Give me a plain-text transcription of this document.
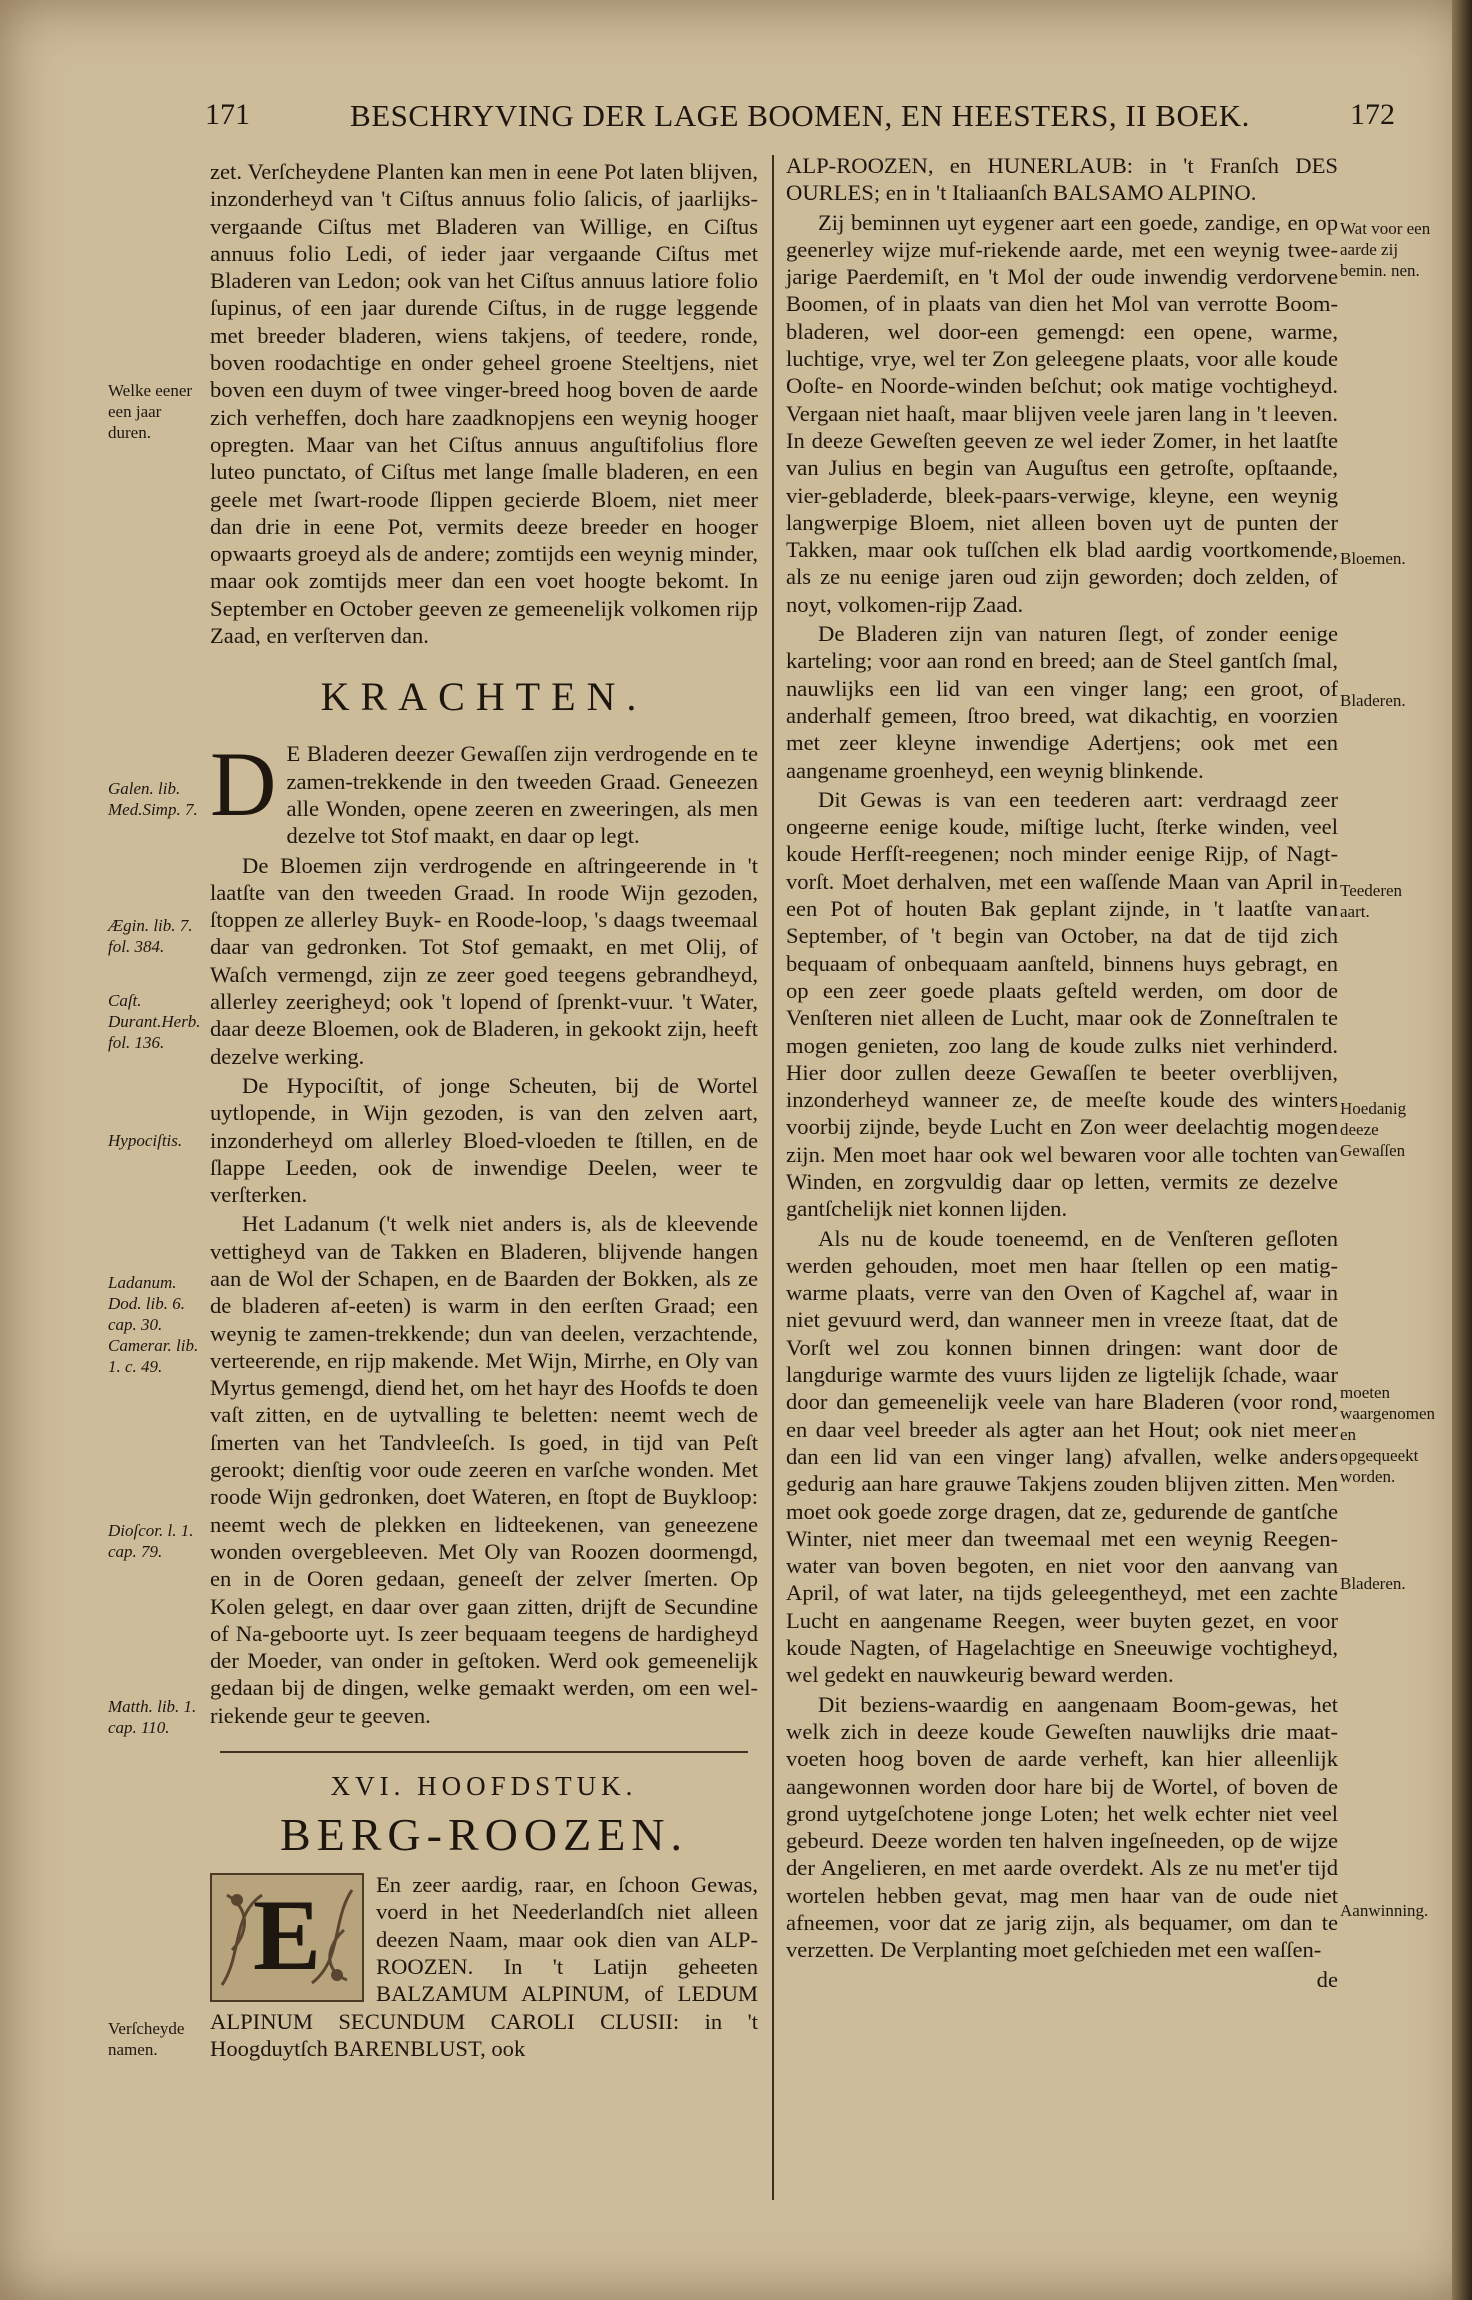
171	BESCHRYVING DER LAGE BOOMEN, EN HEESTERS, II BOEK.	172

zet. Verſcheydene Planten kan men in eene Pot laten blijven, inzonderheyd van 't Ciſtus annuus folio ſalicis, of jaarlijks-vergaande Ciſtus met Bladeren van Willige, en Ciſtus annuus folio Ledi, of ieder jaar vergaande Ciſtus met Bladeren van Ledon; ook van het Ciſtus annuus latiore folio ſupinus, of een jaar durende Ciſtus, in de rugge leggende met breeder bladeren, wiens takjens, of teedere, ronde, boven roodachtige en onder geheel groene Steeltjens, niet boven een duym of twee vinger-breed hoog boven de aarde zich verheffen, doch hare zaadknopjens een weynig hooger opregten. Maar van het Ciſtus annuus anguſtifolius flore luteo punctato, of Ciſtus met lange ſmalle bladeren, en een geele met ſwart-roode ſlippen gecierde Bloem, niet meer dan drie in eene Pot, vermits deeze breeder en hooger opwaarts groeyd als de andere; zomtijds een weynig minder, maar ook zomtijds meer dan een voet hoogte bekomt. In September en October geeven ze gemeenelijk volkomen rijp Zaad, en verſterven dan.

KRACHTEN.
D E Bladeren deezer Gewaſſen zijn verdrogende en te zamen-trekkende in den tweeden Graad. Geneezen alle Wonden, opene zeeren en zweeringen, als men dezelve tot Stof maakt, en daar op legt.

De Bloemen zijn verdrogende en aſtringeerende in 't laatſte van den tweeden Graad. In roode Wijn gezoden, ſtoppen ze allerley Buyk- en Roode-loop, 's daags tweemaal daar van gedronken. Tot Stof gemaakt, en met Olij, of Waſch vermengd, zijn ze zeer goed teegens gebrandheyd, allerley zeerigheyd; ook 't lopend of ſprenkt-vuur. 't Water, daar deeze Bloemen, ook de Bladeren, in gekookt zijn, heeft dezelve werking.

De Hypociſtit, of jonge Scheuten, bij de Wortel uytlopende, in Wijn gezoden, is van den zelven aart, inzonderheyd om allerley Bloed-vloeden te ſtillen, en de ſlappe Leeden, ook de inwendige Deelen, weer te verſterken.

Het Ladanum ('t welk niet anders is, als de kleevende vettigheyd van de Takken en Bladeren, blijvende hangen aan de Wol der Schapen, en de Baarden der Bokken, als ze de bladeren af-eeten) is warm in den eerſten Graad; een weynig te zamen-trekkende; dun van deelen, verzachtende, verteerende, en rijp makende. Met Wijn, Mirrhe, en Oly van Myrtus gemengd, diend het, om het hayr des Hoofds te doen vaſt zitten, en de uytvalling te beletten: neemt wech de ſmerten van het Tandvleeſch. Is goed, in tijd van Peſt gerookt; dienſtig voor oude zeeren en varſche wonden. Met roode Wijn gedronken, doet Wateren, en ſtopt de Buykloop: neemt wech de plekken en lidteekenen, van geneezene wonden overgebleeven. Met Oly van Roozen doormengd, en in de Ooren gedaan, geneeſt der zelver ſmerten. Op Kolen gelegt, en daar over gaan zitten, drijft de Secundine of Na-geboorte uyt. Is zeer bequaam teegens de hardigheyd der Moeder, van onder in geſtoken. Werd ook gemeenelijk gedaan bij de dingen, welke gemaakt werden, om een wel-riekende geur te geeven.

XVI. HOOFDSTUK.
BERG-ROOZEN.
E	En zeer aardig, raar, en ſchoon Gewas, voerd in het Neederlandſch niet alleen deezen Naam, maar ook dien van ALP-ROOZEN. In 't Latijn geheeten BALZAMUM ALPINUM, of LEDUM ALPINUM SECUNDUM CAROLI CLUSII: in 't Hoogduytſch BARENBLUST, ook

ALP-ROOZEN, en HUNERLAUB: in 't Franſch DES OURLES; en in 't Italiaanſch BALSAMO ALPINO.

Zij beminnen uyt eygener aart een goede, zandige, en op geenerley wijze muf-riekende aarde, met een weynig twee-jarige Paerdemiſt, en 't Mol der oude inwendig verdorvene Boomen, of in plaats van dien het Mol van verrotte Boom-bladeren, wel door-een gemengd: een opene, warme, luchtige, vrye, wel ter Zon geleegene plaats, voor alle koude Ooſte- en Noorde-winden beſchut; ook matige vochtigheyd. Vergaan niet haaſt, maar blijven veele jaren lang in 't leeven. In deeze Geweſten geeven ze wel ieder Zomer, in het laatſte van Julius en begin van Auguſtus een getroſte, opſtaande, vier-gebladerde, bleek-paars-verwige, kleyne, een weynig langwerpige Bloem, niet alleen boven uyt de punten der Takken, maar ook tuſſchen elk blad aardig voortkomende, als ze nu eenige jaren oud zijn geworden; doch zelden, of noyt, volkomen-rijp Zaad.

De Bladeren zijn van naturen ſlegt, of zonder eenige karteling; voor aan rond en breed; aan de Steel gantſch ſmal, nauwlijks een lid van een vinger lang; een groot, of anderhalf gemeen, ſtroo breed, wat dikachtig, en voorzien met zeer kleyne inwendige Adertjens; ook met een aangename groenheyd, een weynig blinkende.

Dit Gewas is van een teederen aart: verdraagd zeer ongeerne eenige koude, miſtige lucht, ſterke winden, veel koude Herfſt-reegenen; noch minder eenige Rijp, of Nagt-vorſt. Moet derhalven, met een waſſende Maan van April in een Pot of houten Bak geplant zijnde, in 't laatſte van September, of 't begin van October, na dat de tijd zich bequaam of onbequaam aanſteld, binnens huys gebragt, en op een zeer goede plaats geſteld werden, om door de Venſteren niet alleen de Lucht, maar ook de Zonneſtralen te mogen genieten, zoo lang de koude zulks niet verhinderd. Hier door zullen deeze Gewaſſen te beeter overblijven, inzonderheyd wanneer ze, de meeſte koude des winters voorbij zijnde, beyde Lucht en Zon weer deelachtig mogen zijn. Men moet haar ook wel bewaren voor alle tochten van Winden, en zorgvuldig daar op letten, vermits ze dezelve gantſchelijk niet konnen lijden.

Als nu de koude toeneemd, en de Venſteren geſloten werden gehouden, moet men haar ſtellen op een matig-warme plaats, verre van den Oven of Kagchel af, waar in niet gevuurd werd, dan wanneer men in vreeze ſtaat, dat de Vorſt wel zou konnen binnen dringen: want door de langdurige warmte des vuurs lijden ze ligtelijk ſchade, waar door dan gemeenelijk veele van hare Bladeren (voor rond, en daar veel breeder als agter aan het Hout; ook niet meer dan een lid van een vinger lang) afvallen, welke anders gedurig aan hare grauwe Takjens zouden blijven zitten. Men moet ook goede zorge dragen, dat ze, gedurende de gantſche Winter, niet meer dan tweemaal met een weynig Reegen-water van boven begoten, en niet voor den aanvang van April, of wat later, na tijds geleegentheyd, met een zachte Lucht en aangename Reegen, weer buyten gezet, en voor koude Nagten, of Hagelachtige en Sneeuwige vochtigheyd, wel gedekt en nauwkeurig beward werden.

Dit beziens-waardig en aangenaam Boom-gewas, het welk zich in deeze koude Geweſten nauwlijks drie maat-voeten hoog boven de aarde verheft, kan hier alleenlijk aangewonnen worden door hare bij de Wortel, of boven de grond uytgeſchotene jonge Loten; het welk echter niet veel gebeurd. Deeze worden ten halven ingeſneeden, op de wijze der Angelieren, en met aarde overdekt. Als ze nu met'er tijd wortelen hebben gevat, mag men haar van de oude niet afneemen, voor dat ze jarig zijn, als bequamer, om dan te verzetten. De Verplanting moet geſchieden met een waſſen-

de

Welke eener een jaar duren.
Galen. lib. Med.Simp. 7.
Ægin. lib. 7. fol. 384.
Caſt. Durant.Herb. fol. 136.
Hypociſtis.
Ladanum. Dod. lib. 6. cap. 30. Camerar. lib. 1. c. 49.
Dioſcor. l. 1. cap. 79.
Matth. lib. 1. cap. 110.
Verſcheyde namen.
Wat voor een aarde zij bemin. nen.
Bloemen.
Bladeren.
Teederen aart.
Hoedanig deeze Gewaſſen
moeten waargenomen en opgequeekt worden.
Bladeren.
Aanwinning.
